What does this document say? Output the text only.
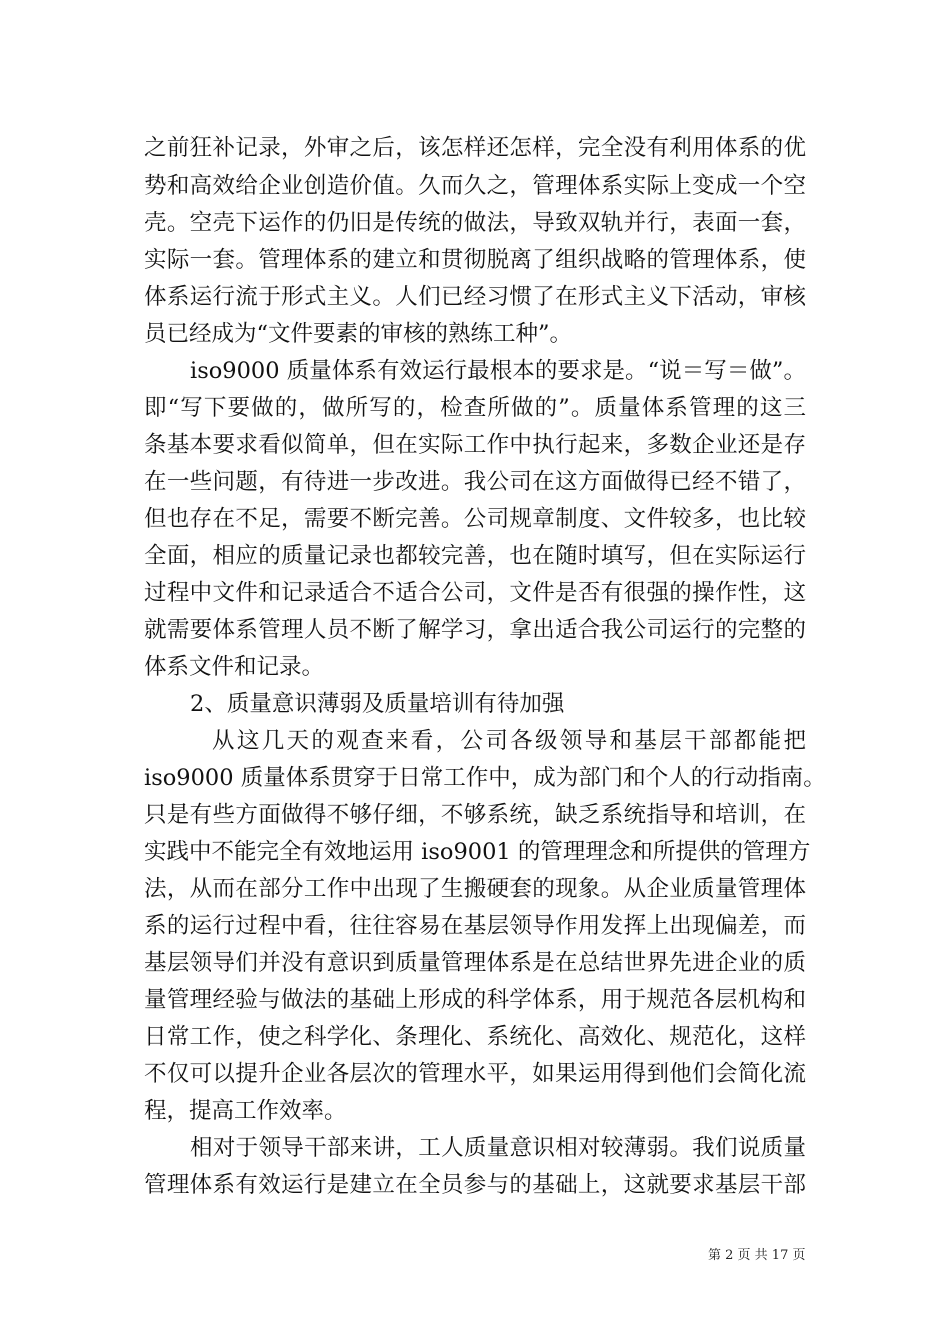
之前狂补记录，外审之后，该怎样还怎样，完全没有利用体系的优
势和高效给企业创造价值。久而久之，管理体系实际上变成一个空
壳。空壳下运作的仍旧是传统的做法，导致双轨并行，表面一套，
实际一套。管理体系的建立和贯彻脱离了组织战略的管理体系，使
体系运行流于形式主义。人们已经习惯了在形式主义下活动，审核
员已经成为“文件要素的审核的熟练工种”。
iso9000 质量体系有效运行最根本的要求是。“说＝写＝做”。
即“写下要做的，做所写的，检查所做的”。质量体系管理的这三
条基本要求看似简单，但在实际工作中执行起来，多数企业还是存
在一些问题，有待进一步改进。我公司在这方面做得已经不错了，
但也存在不足，需要不断完善。公司规章制度、文件较多，也比较
全面，相应的质量记录也都较完善，也在随时填写，但在实际运行
过程中文件和记录适合不适合公司，文件是否有很强的操作性，这
就需要体系管理人员不断了解学习，拿出适合我公司运行的完整的
体系文件和记录。
2、质量意识薄弱及质量培训有待加强
从这几天的观查来看，公司各级领导和基层干部都能把
iso9000 质量体系贯穿于日常工作中，成为部门和个人的行动指南。
只是有些方面做得不够仔细，不够系统，缺乏系统指导和培训，在
实践中不能完全有效地运用 iso9001 的管理理念和所提供的管理方
法，从而在部分工作中出现了生搬硬套的现象。从企业质量管理体
系的运行过程中看，往往容易在基层领导作用发挥上出现偏差，而
基层领导们并没有意识到质量管理体系是在总结世界先进企业的质
量管理经验与做法的基础上形成的科学体系，用于规范各层机构和
日常工作，使之科学化、条理化、系统化、高效化、规范化，这样
不仅可以提升企业各层次的管理水平，如果运用得到他们会简化流
程，提高工作效率。
相对于领导干部来讲，工人质量意识相对较薄弱。我们说质量
管理体系有效运行是建立在全员参与的基础上，这就要求基层干部
第 2 页 共 17 页
